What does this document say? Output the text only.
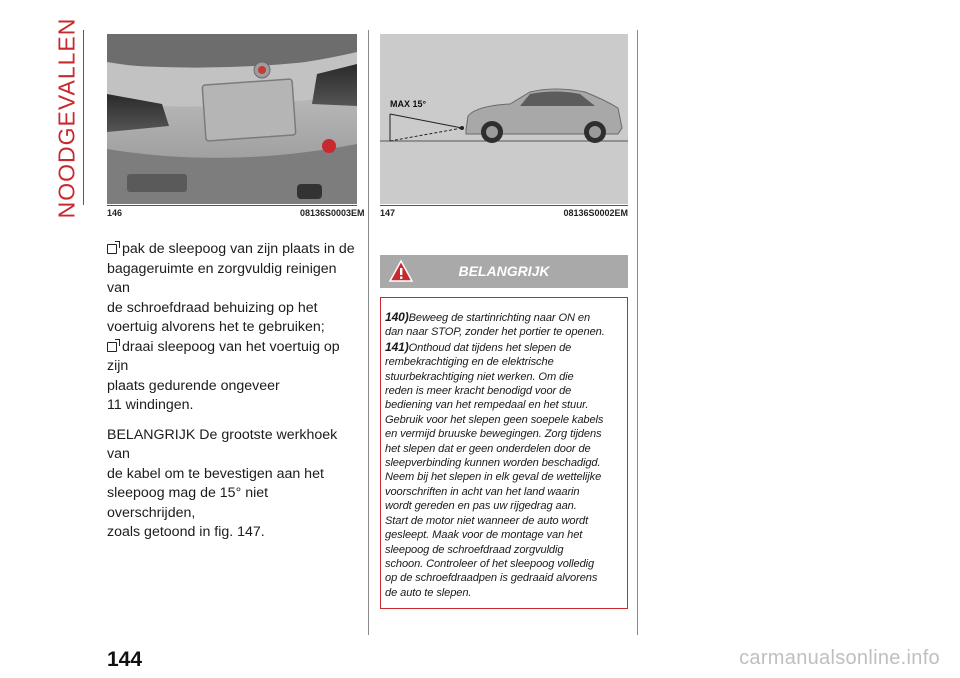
NOODGEVALLEN	146	08136S0003EM
MAX 15°
147	08136S0002EM

pak de sleepoog van zijn plaats in de
bagageruimte en zorgvuldig reinigen van
de schroefdraad behuizing op het
voertuig alvorens het te gebruiken;

draai sleepoog van het voertuig op zijn
plaats gedurende ongeveer
11 windingen.

BELANGRIJK De grootste werkhoek van
de kabel om te bevestigen aan het
sleepoog mag de 15° niet overschrijden,
zoals getoond in fig. 147.

BELANGRIJK

140)Beweeg de startinrichting naar ON en
dan naar STOP, zonder het portier te openen.

141)Onthoud dat tijdens het slepen de
rembekrachtiging en de elektrische
stuurbekrachtiging niet werken. Om die
reden is meer kracht benodigd voor de
bediening van het rempedaal en het stuur.
Gebruik voor het slepen geen soepele kabels
en vermijd bruuske bewegingen. Zorg tijdens
het slepen dat er geen onderdelen door de
sleepverbinding kunnen worden beschadigd.
Neem bij het slepen in elk geval de wettelijke
voorschriften in acht van het land waarin
wordt gereden en pas uw rijgedrag aan.
Start de motor niet wanneer de auto wordt
gesleept. Maak voor de montage van het
sleepoog de schroefdraad zorgvuldig
schoon. Controleer of het sleepoog volledig
op de schroefdraadpen is gedraaid alvorens
de auto te slepen.

144	carmanualsonline.info
